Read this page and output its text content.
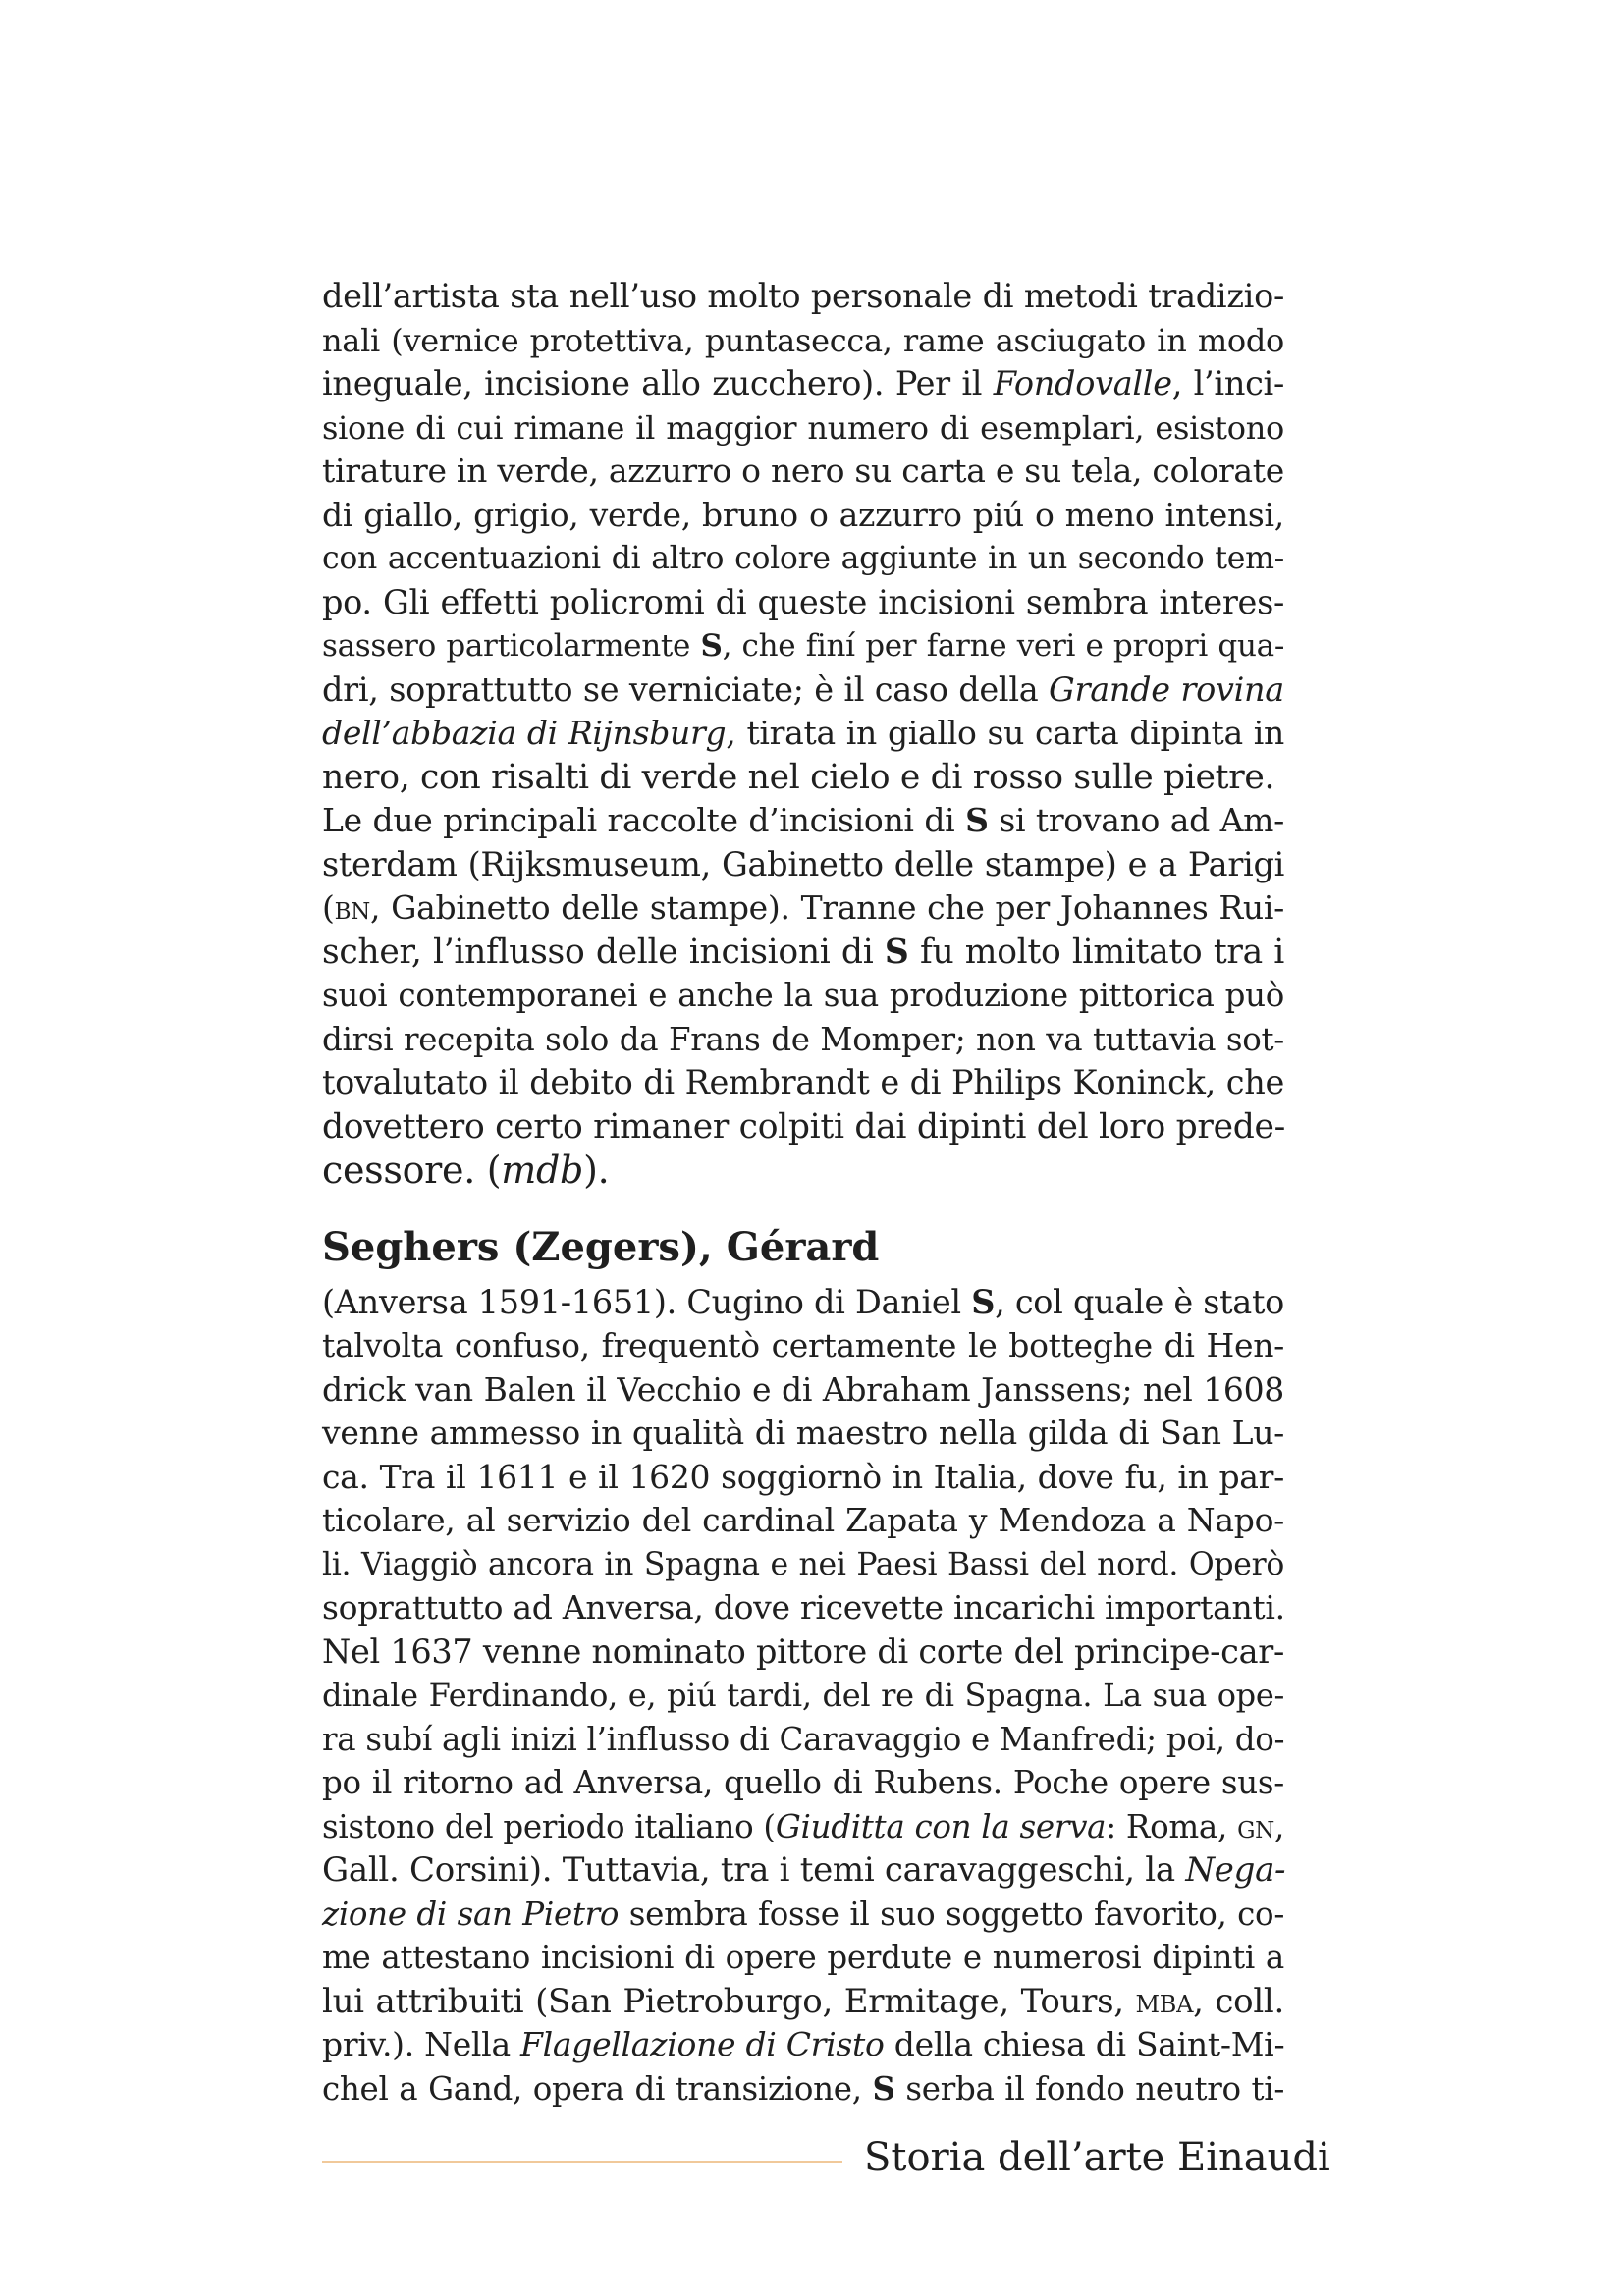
dell’artista sta nell’uso molto personale di metodi tradizio-
nali (vernice protettiva, puntasecca, rame asciugato in modo
ineguale, incisione allo zucchero). Per il Fondovalle, l’inci-
sione di cui rimane il maggior numero di esemplari, esistono
tirature in verde, azzurro o nero su carta e su tela, colorate
di giallo, grigio, verde, bruno o azzurro piú o meno intensi,
con accentuazioni di altro colore aggiunte in un secondo tem-
po. Gli effetti policromi di queste incisioni sembra interes-
sassero particolarmente S, che finí per farne veri e propri qua-
dri, soprattutto se verniciate; è il caso della Grande rovina
dell’abbazia di Rijnsburg, tirata in giallo su carta dipinta in
nero, con risalti di verde nel cielo e di rosso sulle pietre.
Le due principali raccolte d’incisioni di S si trovano ad Am-
sterdam (Rijksmuseum, Gabinetto delle stampe) e a Parigi
(bn, Gabinetto delle stampe). Tranne che per Johannes Rui-
scher, l’influsso delle incisioni di S fu molto limitato tra i
suoi contemporanei e anche la sua produzione pittorica può
dirsi recepita solo da Frans de Momper; non va tuttavia sot-
tovalutato il debito di Rembrandt e di Philips Koninck, che
dovettero certo rimaner colpiti dai dipinti del loro prede-
cessore. (mdb).
Seghers (Zegers), Gérard
(Anversa 1591-1651). Cugino di Daniel S, col quale è stato
talvolta confuso, frequentò certamente le botteghe di Hen-
drick van Balen il Vecchio e di Abraham Janssens; nel 1608
venne ammesso in qualità di maestro nella gilda di San Lu-
ca. Tra il 1611 e il 1620 soggiornò in Italia, dove fu, in par-
ticolare, al servizio del cardinal Zapata y Mendoza a Napo-
li. Viaggiò ancora in Spagna e nei Paesi Bassi del nord. Operò
soprattutto ad Anversa, dove ricevette incarichi importanti.
Nel 1637 venne nominato pittore di corte del principe-car-
dinale Ferdinando, e, piú tardi, del re di Spagna. La sua ope-
ra subí agli inizi l’influsso di Caravaggio e Manfredi; poi, do-
po il ritorno ad Anversa, quello di Rubens. Poche opere sus-
sistono del periodo italiano (Giuditta con la serva: Roma, gn,
Gall. Corsini). Tuttavia, tra i temi caravaggeschi, la Nega-
zione di san Pietro sembra fosse il suo soggetto favorito, co-
me attestano incisioni di opere perdute e numerosi dipinti a
lui attribuiti (San Pietroburgo, Ermitage, Tours, mba, coll.
priv.). Nella Flagellazione di Cristo della chiesa di Saint-Mi-
chel a Gand, opera di transizione, S serba il fondo neutro ti-
Storia dell’arte Einaudi
